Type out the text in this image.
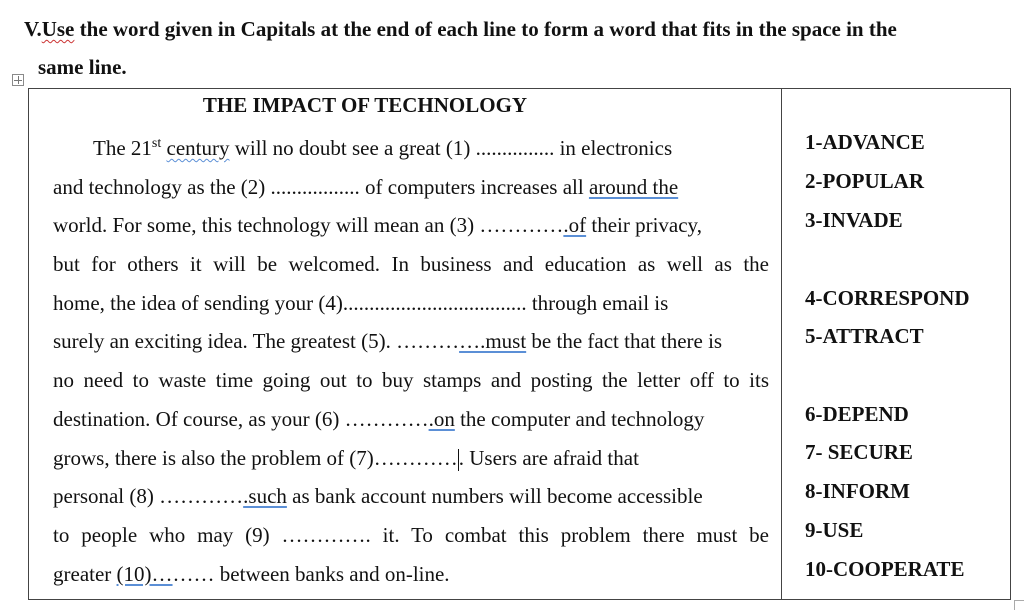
V.Use the word given in Capitals at the end of each line to form a word that fits in the space in the
same line.
THE IMPACT OF TECHNOLOGY
The 21st century will no doubt see a great (1) ............... in electronics
and technology as the (2) ................. of computers increases all around the
world. For some, this technology will mean an (3) ………….of their privacy,
but for others it will be welcomed. In business and education as well as the
home, the idea of sending your (4)................................... through email is
surely an exciting idea. The greatest (5). ………….must be the fact that there is
no need to waste time going out to buy stamps and posting the letter off to its
destination. Of course, as your (6) ………….on the computer and technology
grows, there is also the problem of (7)…………. Users are afraid that
personal (8) ………….such as bank account numbers will become accessible
to people who may (9) …………. it. To combat this problem there must be
greater (10)……… between banks and on-line.
1-ADVANCE
2-POPULAR
3-INVADE
4-CORRESPOND
5-ATTRACT
6-DEPEND
7- SECURE
8-INFORM
9-USE
10-COOPERATE
